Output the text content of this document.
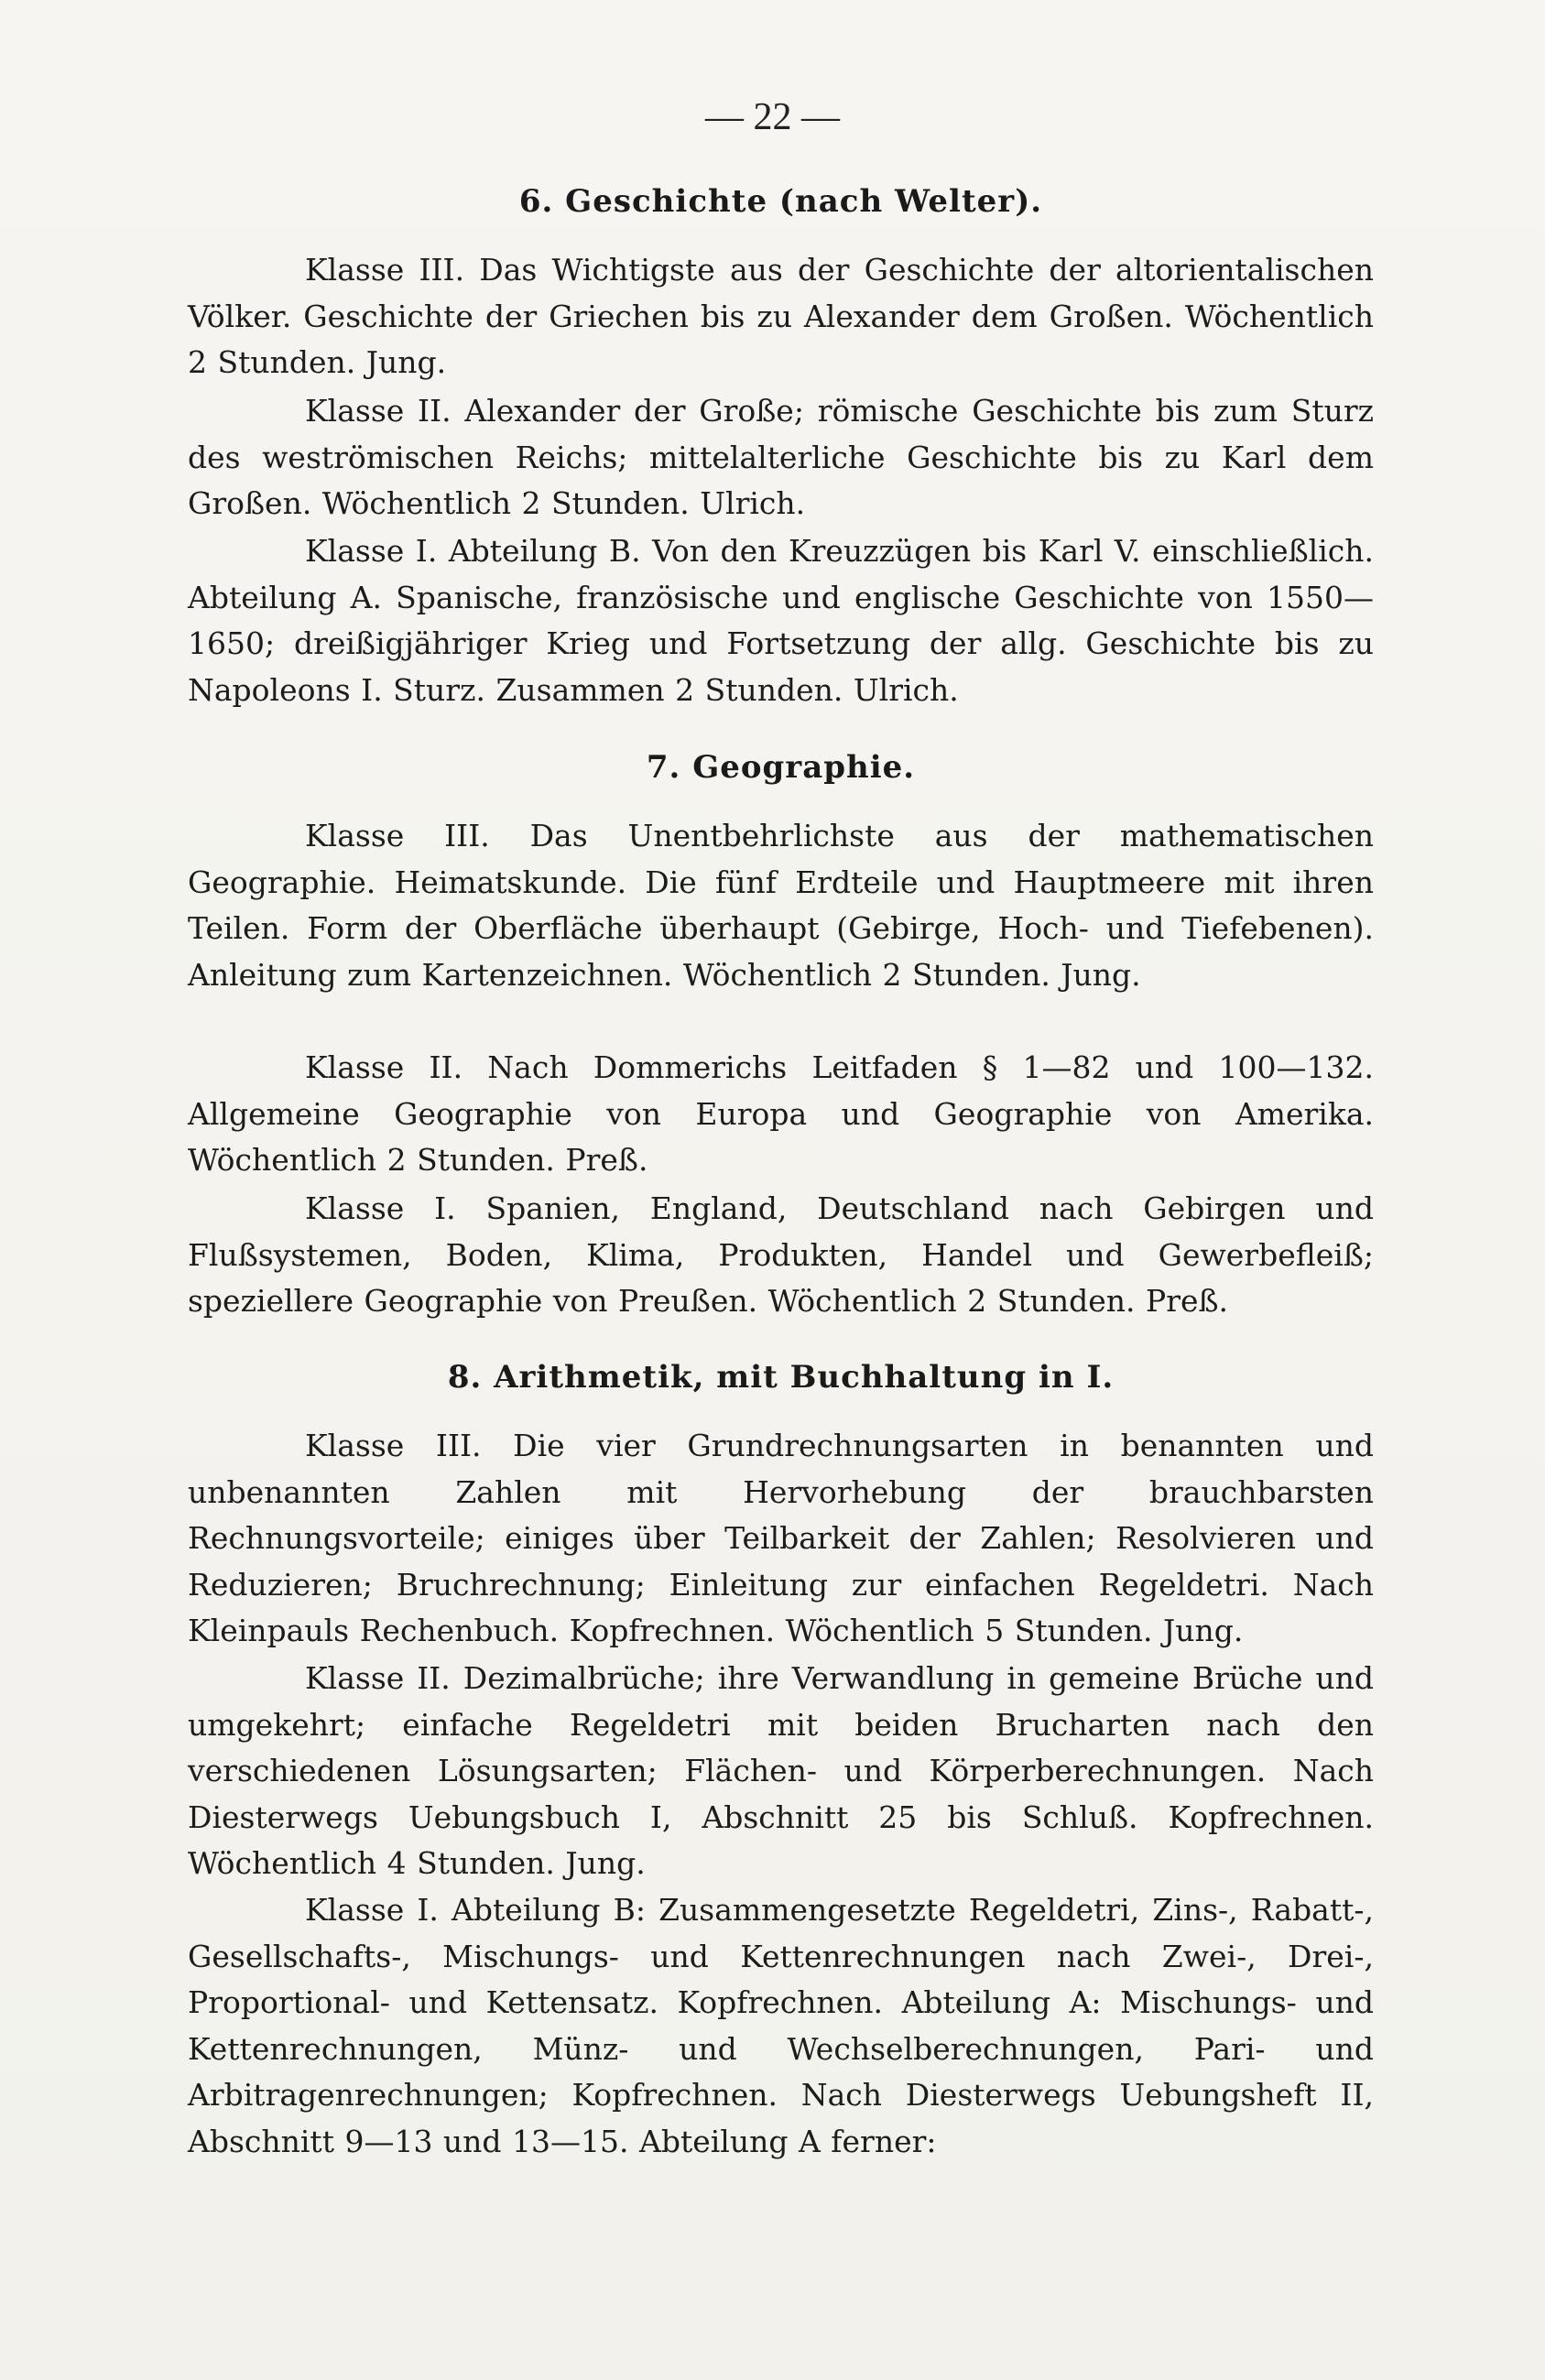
— 22 —
6. Geschichte (nach Welter).

Klasse III. Das Wichtigste aus der Geschichte der altorientalischen Völker. Geschichte der Griechen bis zu Alexander dem Großen. Wöchentlich 2 Stunden. Jung.

Klasse II. Alexander der Große; römische Geschichte bis zum Sturz des weströmischen Reichs; mittelalterliche Geschichte bis zu Karl dem Großen. Wöchentlich 2 Stunden. Ulrich.

Klasse I. Abteilung B. Von den Kreuzzügen bis Karl V. einschließlich. Abteilung A. Spanische, französische und englische Geschichte von 1550—1650; dreißigjähriger Krieg und Fortsetzung der allg. Geschichte bis zu Napoleons I. Sturz. Zusammen 2 Stunden. Ulrich.

7. Geographie.

Klasse III. Das Unentbehrlichste aus der mathematischen Geographie. Heimatskunde. Die fünf Erdteile und Hauptmeere mit ihren Teilen. Form der Oberfläche überhaupt (Gebirge, Hoch- und Tiefebenen). Anleitung zum Kartenzeichnen. Wöchentlich 2 Stunden. Jung.

Klasse II. Nach Dommerichs Leitfaden § 1—82 und 100—132. Allgemeine Geographie von Europa und Geographie von Amerika. Wöchentlich 2 Stunden. Preß.

Klasse I. Spanien, England, Deutschland nach Gebirgen und Flußsystemen, Boden, Klima, Produkten, Handel und Gewerbefleiß; speziellere Geographie von Preußen. Wöchentlich 2 Stunden. Preß.

8. Arithmetik, mit Buchhaltung in I.

Klasse III. Die vier Grundrechnungsarten in benannten und unbenannten Zahlen mit Hervorhebung der brauchbarsten Rechnungsvorteile; einiges über Teilbarkeit der Zahlen; Resolvieren und Reduzieren; Bruchrechnung; Einleitung zur einfachen Regeldetri. Nach Kleinpauls Rechenbuch. Kopfrechnen. Wöchentlich 5 Stunden. Jung.

Klasse II. Dezimalbrüche; ihre Verwandlung in gemeine Brüche und umgekehrt; einfache Regeldetri mit beiden Brucharten nach den verschiedenen Lösungsarten; Flächen- und Körperberechnungen. Nach Diesterwegs Uebungsbuch I, Abschnitt 25 bis Schluß. Kopfrechnen. Wöchentlich 4 Stunden. Jung.

Klasse I. Abteilung B: Zusammengesetzte Regeldetri, Zins-, Rabatt-, Gesellschafts-, Mischungs- und Kettenrechnungen nach Zwei-, Drei-, Proportional- und Kettensatz. Kopfrechnen. Abteilung A: Mischungs- und Kettenrechnungen, Münz- und Wechselberechnungen, Pari- und Arbitragenrechnungen; Kopfrechnen. Nach Diesterwegs Uebungsheft II, Abschnitt 9—13 und 13—15. Abteilung A ferner:
